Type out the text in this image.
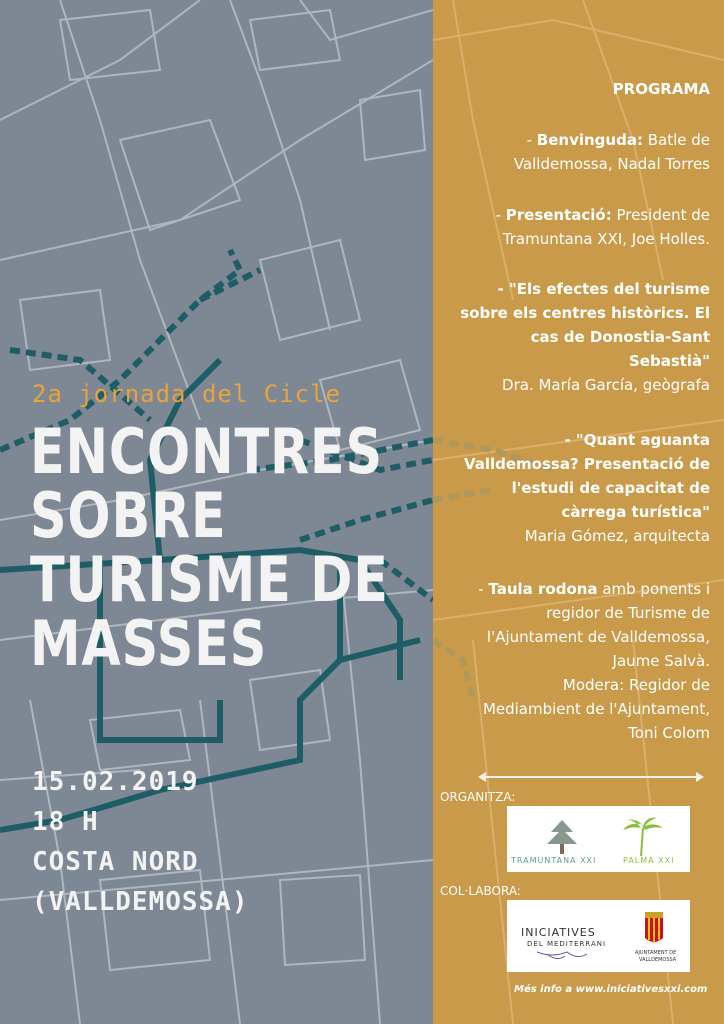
2a jornada del Cicle
ENCONTRES
SOBRE
TURISME DE
MASSES
15.02.2019
18 H
COSTA NORD
(VALLDEMOSSA)
PROGRAMA
- Benvinguda: Batle de
Valldemossa, Nadal Torres
- Presentació: President de
Tramuntana XXI, Joe Holles.
- "Els efectes del turisme
sobre els centres històrics. El
cas de Donostia-Sant
Sebastià"
Dra. María García, geògrafa
- "Quant aguanta
Valldemossa? Presentació de
l'estudi de capacitat de
càrrega turística"
Maria Gómez, arquitecta
- Taula rodona amb ponents i
regidor de Turisme de
l'Ajuntament de Valldemossa,
Jaume Salvà.
Modera: Regidor de
Mediambient de l'Ajuntament,
Toni Colom
ORGANITZA:
TRAMUNTANA XXI	PALMA XXI
COL·LABORA:
INICIATIVES
DEL MEDITERRANI
AJUNTAMENT DE
VALLDEMOSSA
Més info a www.iniciativesxxi.com
